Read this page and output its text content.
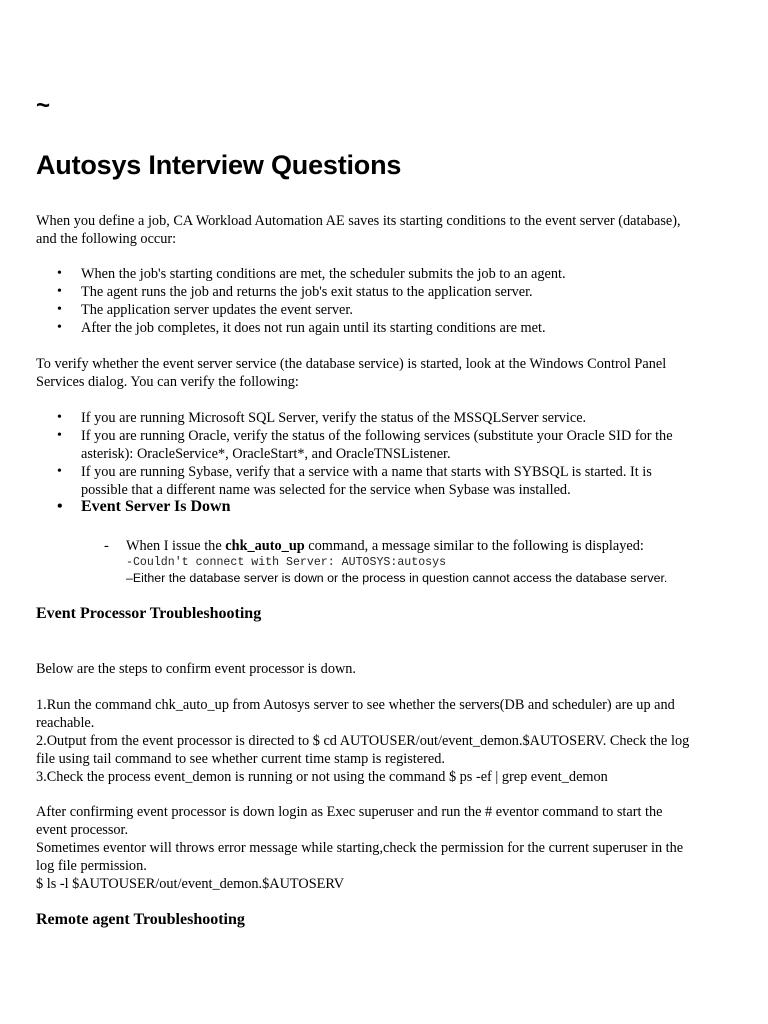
~
Autosys Interview Questions

When you define a job, CA Workload Automation AE saves its starting conditions to the event server (database), and the following occur:

• When the job's starting conditions are met, the scheduler submits the job to an agent.
• The agent runs the job and returns the job's exit status to the application server.
• The application server updates the event server.
• After the job completes, it does not run again until its starting conditions are met.

To verify whether the event server service (the database service) is started, look at the Windows Control Panel Services dialog. You can verify the following:

• If you are running Microsoft SQL Server, verify the status of the MSSQLServer service.
• If you are running Oracle, verify the status of the following services (substitute your Oracle SID for the asterisk): OracleService*, OracleStart*, and OracleTNSListener.
• If you are running Sybase, verify that a service with a name that starts with SYBSQL is started. It is possible that a different name was selected for the service when Sybase was installed.
• Event Server Is Down
- When I issue the chk_auto_up command, a message similar to the following is displayed:
-Couldn't connect with Server: AUTOSYS:autosys
–Either the database server is down or the process in question cannot access the database server.
Event Processor Troubleshooting

Below are the steps to confirm event processor is down.

1.Run the command chk_auto_up from Autosys server to see whether the servers(DB and scheduler) are up and reachable.
2.Output from the event processor is directed to $ cd AUTOUSER/out/event_demon.$AUTOSERV. Check the log file using tail command to see whether current time stamp is registered.
3.Check the process event_demon is running or not using the command $ ps -ef | grep event_demon
After confirming event processor is down login as Exec superuser and run the # eventor command to start the event processor.
Sometimes eventor will throws error message while starting,check the permission for the current superuser in the log file permission.
$ ls -l $AUTOUSER/out/event_demon.$AUTOSERV
Remote agent Troubleshooting
